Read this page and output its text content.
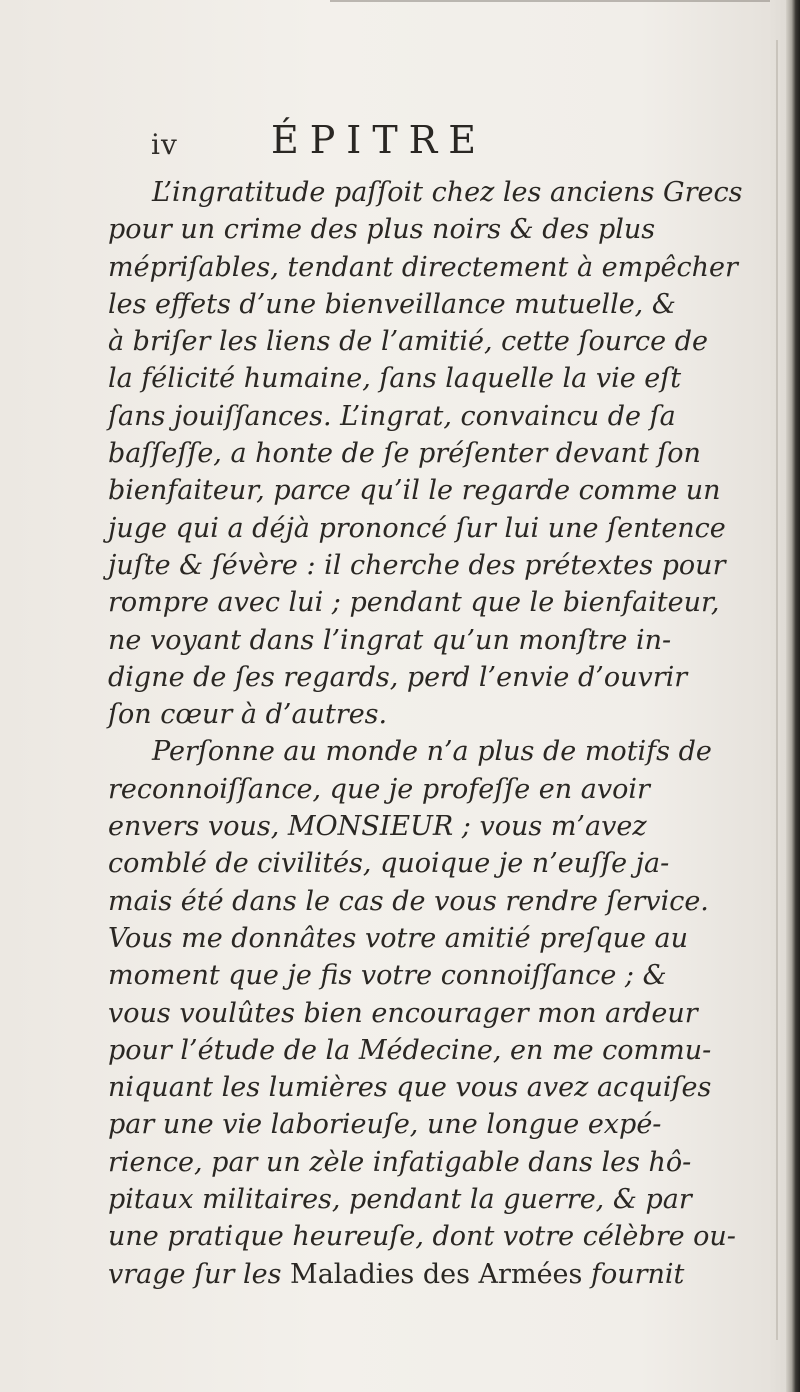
iv ÉPITRE
L’ingratitude paſſoit chez les anciens Grecs
pour un crime des plus noirs & des plus
mépriſables, tendant directement à empêcher
les effets d’une bienveillance mutuelle, &
à briſer les liens de l’amitié, cette ſource de
la félicité humaine, ſans laquelle la vie eſt
ſans jouiſſances. L’ingrat, convaincu de ſa
baſſeſſe, a honte de ſe préſenter devant ſon
bienfaiteur, parce qu’il le regarde comme un
juge qui a déjà prononcé ſur lui une ſentence
juſte & ſévère : il cherche des prétextes pour
rompre avec lui ; pendant que le bienfaiteur,
ne voyant dans l’ingrat qu’un monſtre in-
digne de ſes regards, perd l’envie d’ouvrir
ſon cœur à d’autres.
Perſonne au monde n’a plus de motifs de
reconnoiſſance, que je profeſſe en avoir
envers vous, MONSIEUR ; vous m’avez
comblé de civilités, quoique je n’euſſe ja-
mais été dans le cas de vous rendre ſervice.
Vous me donnâtes votre amitié preſque au
moment que je fis votre connoiſſance ; &
vous voulûtes bien encourager mon ardeur
pour l’étude de la Médecine, en me commu-
niquant les lumières que vous avez acquiſes
par une vie laborieuſe, une longue expé-
rience, par un zèle infatigable dans les hô-
pitaux militaires, pendant la guerre, & par
une pratique heureuſe, dont votre célèbre ou-
vrage ſur les Maladies des Armées fournit
